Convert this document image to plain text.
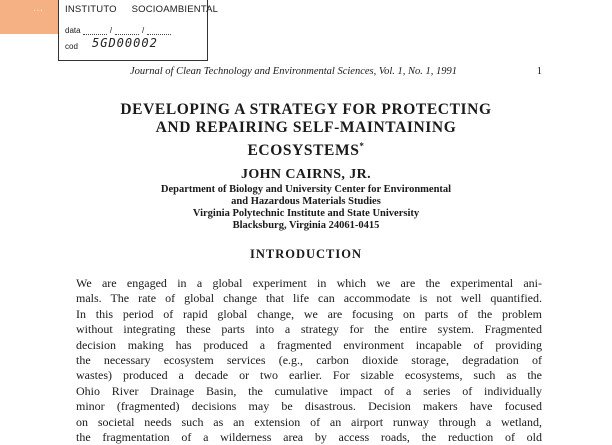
…	INSTITUTO SOCIOAMBIENTAL
data	/	/
cod 5GD00002
Journal of Clean Technology and Environmental Sciences, Vol. 1, No. 1, 1991	1
DEVELOPING A STRATEGY FOR PROTECTING
AND REPAIRING SELF-MAINTAINING
ECOSYSTEMS*
JOHN CAIRNS, JR.
Department of Biology and University Center for Environmental
and Hazardous Materials Studies
Virginia Polytechnic Institute and State University
Blacksburg, Virginia 24061-0415
INTRODUCTION
We are engaged in a global experiment in which we are the experimental ani-
mals. The rate of global change that life can accommodate is not well quantified.
In this period of rapid global change, we are focusing on parts of the problem
without integrating these parts into a strategy for the entire system. Fragmented
decision making has produced a fragmented environment incapable of providing
the necessary ecosystem services (e.g., carbon dioxide storage, degradation of
wastes) produced a decade or two earlier. For sizable ecosystems, such as the
Ohio River Drainage Basin, the cumulative impact of a series of individually
minor (fragmented) decisions may be disastrous. Decision makers have focused
on societal needs such as an extension of an airport runway through a wetland,
the fragmentation of a wilderness area by access roads, the reduction of old
